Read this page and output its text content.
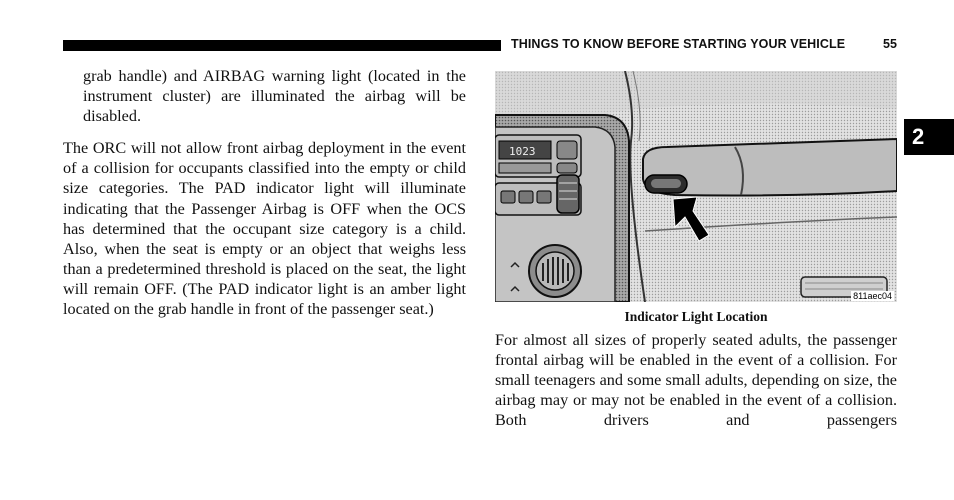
THINGS TO KNOW BEFORE STARTING YOUR VEHICLE	55
2

grab handle) and AIRBAG warning light (located in the instrument cluster) are illuminated the airbag will be disabled.

The ORC will not allow front airbag deployment in the event of a collision for occupants classified into the empty or child size categories. The PAD indicator light will illuminate indicating that the Passenger Airbag is OFF when the OCS has determined that the occupant size category is a child. Also, when the seat is empty or an object that weighs less than a predetermined threshold is placed on the seat, the light will remain OFF. (The PAD indicator light is an amber light located on the grab handle in front of the passenger seat.)

1023
811aec04
Indicator Light Location

For almost all sizes of properly seated adults, the passenger frontal airbag will be enabled in the event of a collision. For small teenagers and some small adults, depending on size, the airbag may or may not be enabled in the event of a collision. Both drivers and passengers
